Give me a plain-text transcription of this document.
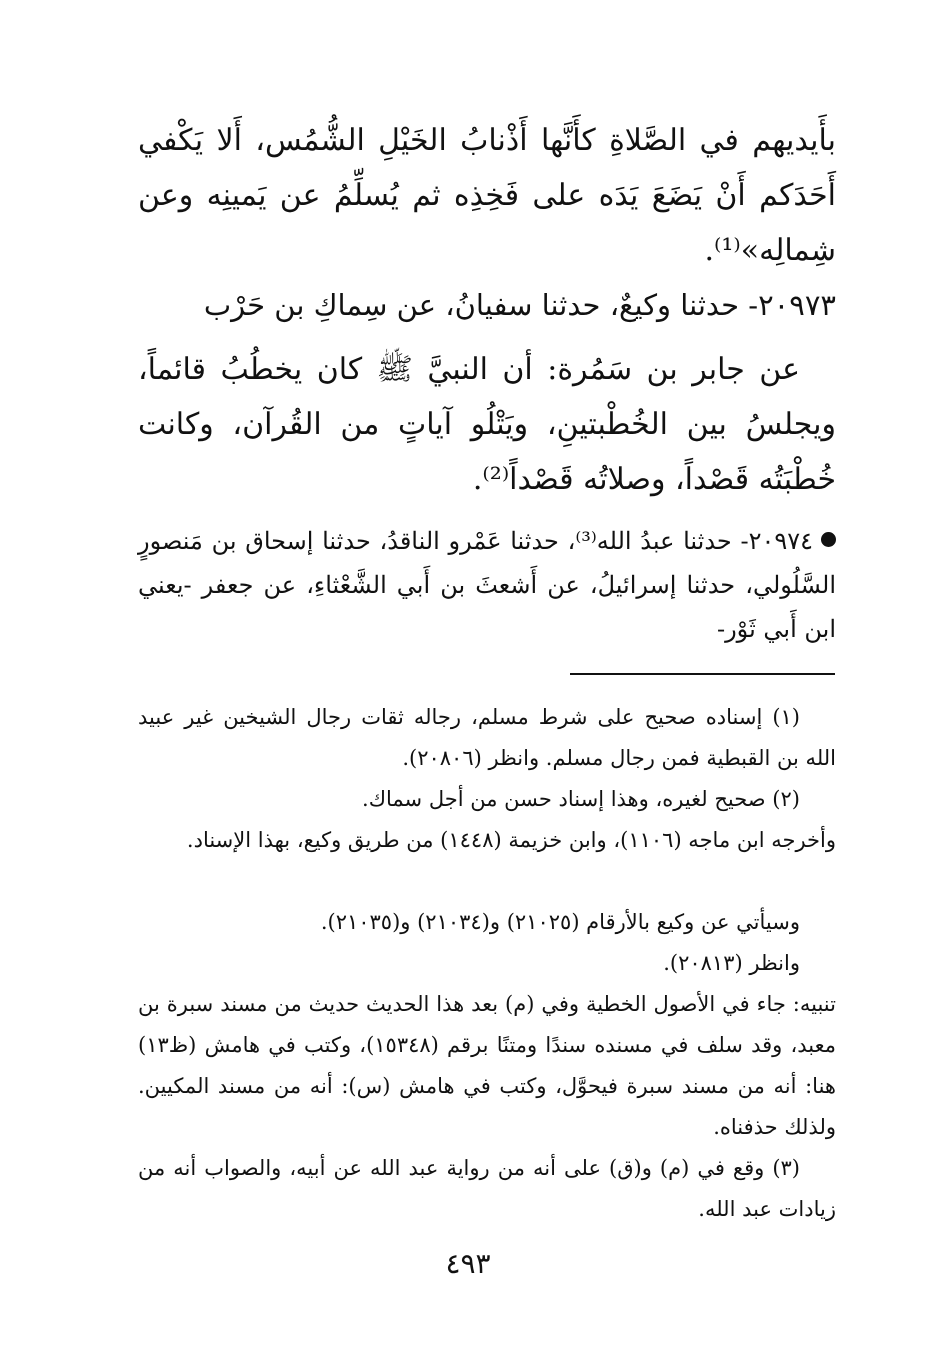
بأَيديهم في الصَّلاةِ كأَنَّها أَذْنابُ الخَيْلِ الشُّمُس، أَلا يَكْفي أَحَدَكم أَنْ يَضَعَ يَدَه على فَخِذِه ثم يُسلِّمُ عن يَمينِه وعن شِمالِه»⁽¹⁾.

٢٠٩٧٣- حدثنا وكيعٌ، حدثنا سفيانُ، عن سِماكِ بن حَرْب

عن جابر بن سَمُرة: أن النبيَّ ﷺ كان يخطُبُ قائماً، ويجلسُ بين الخُطْبتينِ، ويَتْلُو آياتٍ من القُرآن، وكانت خُطْبَتُه قَصْداً، وصلاتُه قَصْداً⁽²⁾.

٢٠٩٧٤- حدثنا عبدُ الله⁽³⁾، حدثنا عَمْرو الناقدُ، حدثنا إسحاق بن مَنصورٍ السَّلُولي، حدثنا إسرائيلُ، عن أَشعثَ بن أَبي الشَّعْثاءِ، عن جعفر -يعني ابن أَبي ثَوْر-

(١) إسناده صحيح على شرط مسلم، رجاله ثقات رجال الشيخين غير عبيد الله بن القبطية فمن رجال مسلم. وانظر (٢٠٨٠٦).

(٢) صحيح لغيره، وهذا إسناد حسن من أجل سماك.

وأخرجه ابن ماجه (١١٠٦)، وابن خزيمة (١٤٤٨) من طريق وكيع، بهذا الإسناد.

وسيأتي عن وكيع بالأرقام (٢١٠٢٥) و(٢١٠٣٤) و(٢١٠٣٥).

وانظر (٢٠٨١٣).

تنبيه: جاء في الأصول الخطية وفي (م) بعد هذا الحديث حديث من مسند سبرة بن معبد، وقد سلف في مسنده سندًا ومتنًا برقم (١٥٣٤٨)، وكتب في هامش (ظ١٣) هنا: أنه من مسند سبرة فيحوَّل، وكتب في هامش (س): أنه من مسند المكيين. ولذلك حذفناه.

(٣) وقع في (م) و(ق) على أنه من رواية عبد الله عن أبيه، والصواب أنه من زيادات عبد الله.

٤٩٣
